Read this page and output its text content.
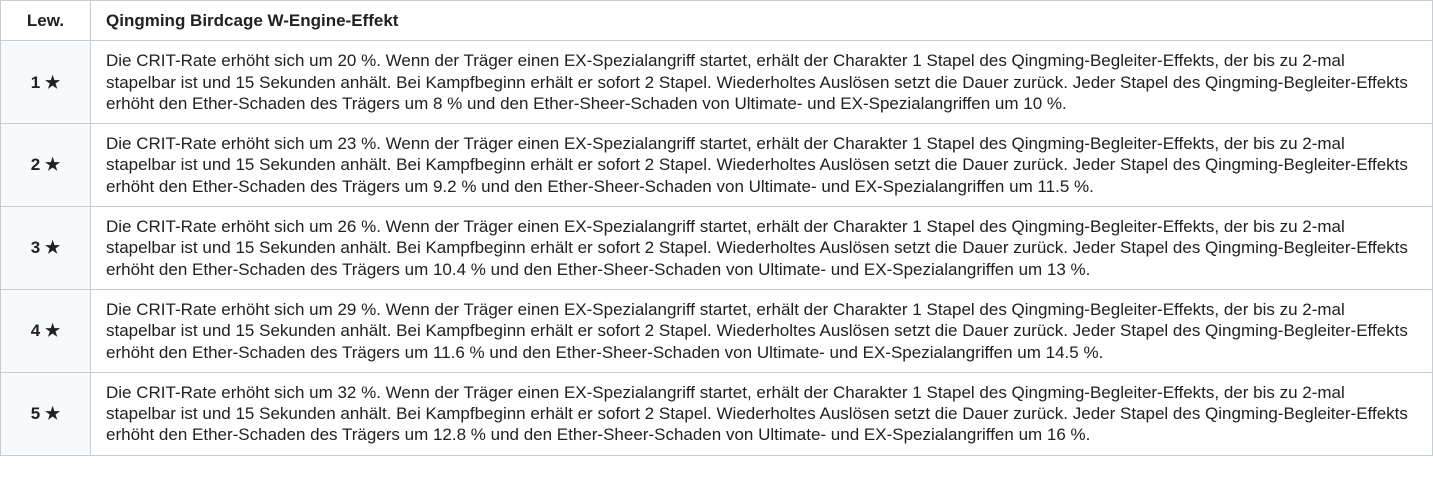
Lew.	Qingming Birdcage W-Engine-Effekt
1 ★	Die CRIT-Rate erhöht sich um 20 %. Wenn der Träger einen EX-Spezialangriff startet, erhält der Charakter 1 Stapel des Qingming-Begleiter-Effekts, der bis zu 2-mal stapelbar ist und 15 Sekunden anhält. Bei Kampfbeginn erhält er sofort 2 Stapel. Wiederholtes Auslösen setzt die Dauer zurück. Jeder Stapel des Qingming-Begleiter-Effekts erhöht den Ether-Schaden des Trägers um 8 % und den Ether-Sheer-Schaden von Ultimate- und EX-Spezialangriffen um 10 %.
2 ★	Die CRIT-Rate erhöht sich um 23 %. Wenn der Träger einen EX-Spezialangriff startet, erhält der Charakter 1 Stapel des Qingming-Begleiter-Effekts, der bis zu 2-mal stapelbar ist und 15 Sekunden anhält. Bei Kampfbeginn erhält er sofort 2 Stapel. Wiederholtes Auslösen setzt die Dauer zurück. Jeder Stapel des Qingming-Begleiter-Effekts erhöht den Ether-Schaden des Trägers um 9.2 % und den Ether-Sheer-Schaden von Ultimate- und EX-Spezialangriffen um 11.5 %.
3 ★	Die CRIT-Rate erhöht sich um 26 %. Wenn der Träger einen EX-Spezialangriff startet, erhält der Charakter 1 Stapel des Qingming-Begleiter-Effekts, der bis zu 2-mal stapelbar ist und 15 Sekunden anhält. Bei Kampfbeginn erhält er sofort 2 Stapel. Wiederholtes Auslösen setzt die Dauer zurück. Jeder Stapel des Qingming-Begleiter-Effekts erhöht den Ether-Schaden des Trägers um 10.4 % und den Ether-Sheer-Schaden von Ultimate- und EX-Spezialangriffen um 13 %.
4 ★	Die CRIT-Rate erhöht sich um 29 %. Wenn der Träger einen EX-Spezialangriff startet, erhält der Charakter 1 Stapel des Qingming-Begleiter-Effekts, der bis zu 2-mal stapelbar ist und 15 Sekunden anhält. Bei Kampfbeginn erhält er sofort 2 Stapel. Wiederholtes Auslösen setzt die Dauer zurück. Jeder Stapel des Qingming-Begleiter-Effekts erhöht den Ether-Schaden des Trägers um 11.6 % und den Ether-Sheer-Schaden von Ultimate- und EX-Spezialangriffen um 14.5 %.
5 ★	Die CRIT-Rate erhöht sich um 32 %. Wenn der Träger einen EX-Spezialangriff startet, erhält der Charakter 1 Stapel des Qingming-Begleiter-Effekts, der bis zu 2-mal stapelbar ist und 15 Sekunden anhält. Bei Kampfbeginn erhält er sofort 2 Stapel. Wiederholtes Auslösen setzt die Dauer zurück. Jeder Stapel des Qingming-Begleiter-Effekts erhöht den Ether-Schaden des Trägers um 12.8 % und den Ether-Sheer-Schaden von Ultimate- und EX-Spezialangriffen um 16 %.
